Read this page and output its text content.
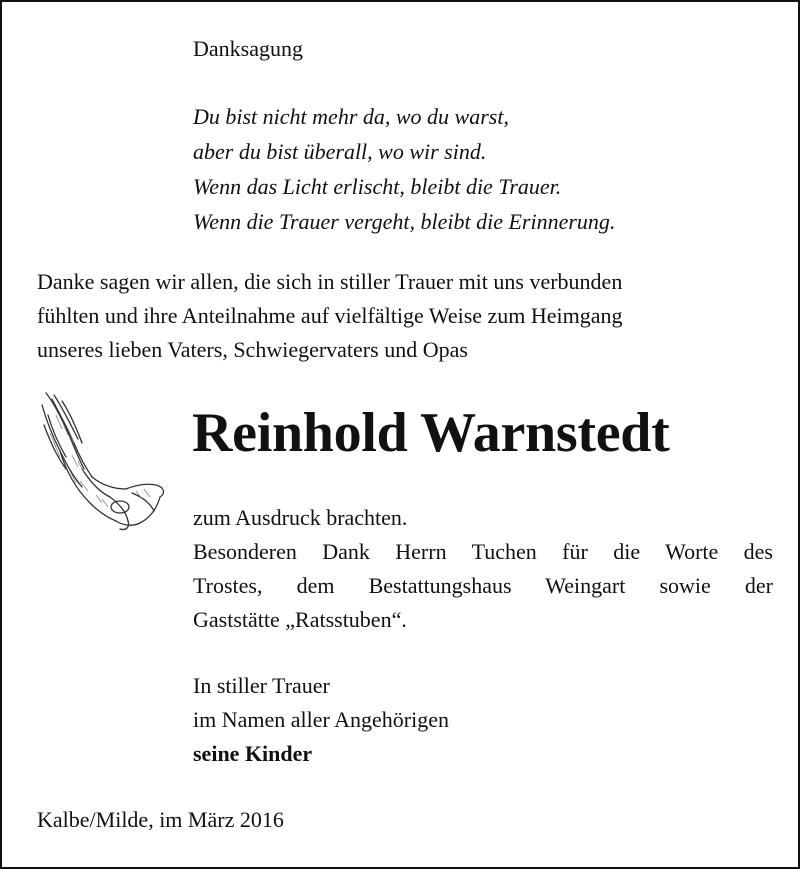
Danksagung
Du bist nicht mehr da, wo du warst,
aber du bist überall, wo wir sind.
Wenn das Licht erlischt, bleibt die Trauer.
Wenn die Trauer vergeht, bleibt die Erinnerung.
Danke sagen wir allen, die sich in stiller Trauer mit uns verbunden
fühlten und ihre Anteilnahme auf vielfältige Weise zum Heimgang
unseres lieben Vaters, Schwiegervaters und Opas
Reinhold Warnstedt
zum Ausdruck brachten.
Besonderen Dank Herrn Tuchen für die Worte des
Trostes, dem Bestattungshaus Weingart sowie der
Gaststätte „Ratsstuben“.
In stiller Trauer
im Namen aller Angehörigen
seine Kinder
Kalbe/Milde, im März 2016
